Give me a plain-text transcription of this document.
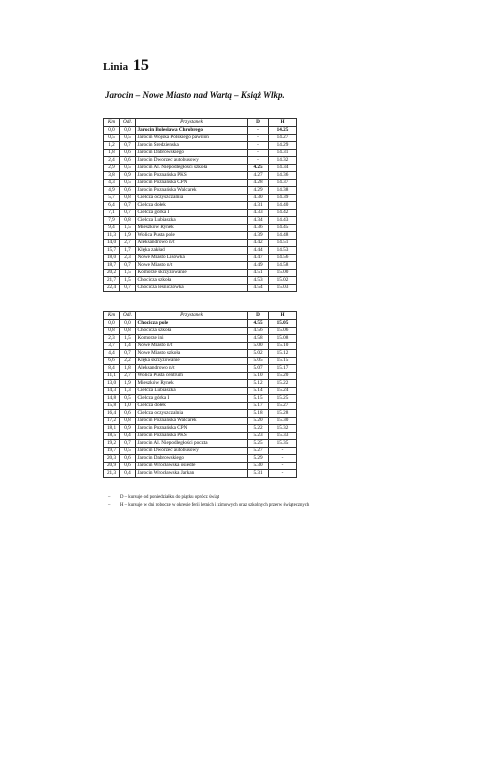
Linia 15
Jarocin – Nowe Miasto nad Wartą – Książ Wlkp.
Km	Odl.	Przystanek	D	H
0,0	0,0	Jarocin Bolesława Chrobrego	-	14.25
0,5	0,5	Jarocin Wojska Polskiego pawilon	-	14.27
1,2	0,7	Jarocin Średzienska	-	14.29
1,8	0,6	Jarocin Dabrowskiego	-	14.31
2,4	0,6	Jarocin Dworzec autobusowy	-	14.32
2,9	0,5	Jarocin Al. Niepodległości szkoła	4.25	14.34
3,8	0,9	Jarocin Poznańska PKS	4.27	14.36
4,3	0,5	Jarocin Poznańska CPN	4.28	14.37
4,9	0,6	Jarocin Poznańska Walcarek	4.29	14.38
5,7	0,8	Cielcza oczyszczalnia	4.30	14.39
6,4	0,7	Cielcza dołek	4.31	14.40
7,1	0,7	Cielcza górka I	4.33	14.42
7,9	0,8	Cielcza Lubiaszka	4.34	14.43
9,4	1,5	Mieszków Rynek	4.36	14.45
11,3	1,9	Wolica Pusta pole	4.39	14.48
14,0	2,7	Aleksandrowo n/t	4.42	14.51
15,7	1,7	Klęka zakład	4.44	14.53
18,0	2,3	Nowe Miasto Lisówka	4.47	14.56
18,7	0,7	Nowe Miasto n/t	4.49	14.58
20,2	1,5	Komorze skrzyżowanie	4.51	15.00
21,7	1,5	Chocicza szkoła	4.53	15.02
22,4	0,7	Chocicza leśniczówka	4.54	15.03
Km	Odl.	Przystanek	D	H
0,0	0,0	Chocicza pole	4.55	15.05
0,8	0,8	Chocicza szkoła	4.56	15.06
2,3	1,5	Komorze ini	4.58	15.08
3,7	1,4	Nowe Miasto n/t	5.00	15.10
4,4	0,7	Nowe Miasto szkoła	5.02	15.12
6,6	2,2	Klęka skrzyżowanie	5.05	15.15
8,4	1,8	Aleksandrowo n/t	5.07	15.17
11,1	2,7	Wolica Pusta centrum	5.10	15.20
13,0	1,9	Mieszków Rynek	5.12	15.22
14,3	1,3	Cielcza Lubiaszka	5.14	15.24
14,8	0,5	Cielcza górka I	5.15	15.25
15,8	1,0	Cielcza dołek	5.17	15.27
16,4	0,6	Cielcza oczyszczalnia	5.18	15.28
17,2	0,8	Jarocin Poznańska Walcarek	5.20	15.30
18,1	0,9	Jarocin Poznańska CPN	5.22	15.32
18,5	0,4	Jarocin Poznańska PKS	5.23	15.33
19,2	0,7	Jarocin Al. Niepodległości poczta	5.25	15.35
19,7	0,5	Jarocin Dworzec autobusowy	5.27	-
20,3	0,6	Jarocin Dabrowskiego	5.29	-
20,9	0,6	Jarocin Wrocławska osiedle	5.30	-
21,3	0,4	Jarocin Wrocławska Jarkan	5.31	-
– D – kursuje od poniedziałku do piątku oprócz świąt
– H – kursuje w dni robocze w okresie ferii letnich i zimowych oraz szkolnych przerw świątecznych
